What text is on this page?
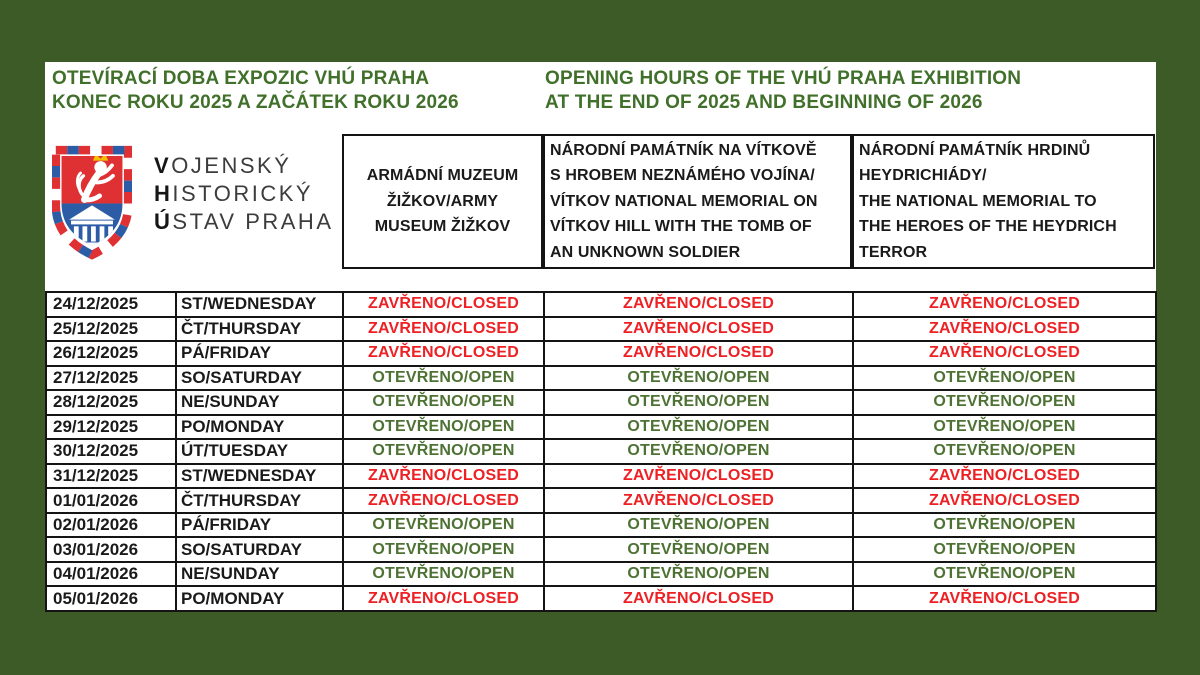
OTEVÍRACÍ DOBA EXPOZIC VHÚ PRAHA
KONEC ROKU 2025 A ZAČÁTEK ROKU 2026
OPENING HOURS OF THE VHÚ PRAHA EXHIBITION
AT THE END OF 2025 AND BEGINNING OF 2026
VOJENSKÝ
HISTORICKÝ
ÚSTAV PRAHA
ARMÁDNÍ MUZEUM
ŽIŽKOV/ARMY
MUSEUM ŽIŽKOV
NÁRODNÍ PAMÁTNÍK NA VÍTKOVĚ
S HROBEM NEZNÁMÉHO VOJÍNA/
VÍTKOV NATIONAL MEMORIAL ON
VÍTKOV HILL WITH THE TOMB OF
AN UNKNOWN SOLDIER
NÁRODNÍ PAMÁTNÍK HRDINŮ
HEYDRICHIÁDY/
THE NATIONAL MEMORIAL TO
THE HEROES OF THE HEYDRICH
TERROR
24/12/2025	ST/WEDNESDAY	ZAVŘENO/CLOSED	ZAVŘENO/CLOSED	ZAVŘENO/CLOSED
25/12/2025	ČT/THURSDAY	ZAVŘENO/CLOSED	ZAVŘENO/CLOSED	ZAVŘENO/CLOSED
26/12/2025	PÁ/FRIDAY	ZAVŘENO/CLOSED	ZAVŘENO/CLOSED	ZAVŘENO/CLOSED
27/12/2025	SO/SATURDAY	OTEVŘENO/OPEN	OTEVŘENO/OPEN	OTEVŘENO/OPEN
28/12/2025	NE/SUNDAY	OTEVŘENO/OPEN	OTEVŘENO/OPEN	OTEVŘENO/OPEN
29/12/2025	PO/MONDAY	OTEVŘENO/OPEN	OTEVŘENO/OPEN	OTEVŘENO/OPEN
30/12/2025	ÚT/TUESDAY	OTEVŘENO/OPEN	OTEVŘENO/OPEN	OTEVŘENO/OPEN
31/12/2025	ST/WEDNESDAY	ZAVŘENO/CLOSED	ZAVŘENO/CLOSED	ZAVŘENO/CLOSED
01/01/2026	ČT/THURSDAY	ZAVŘENO/CLOSED	ZAVŘENO/CLOSED	ZAVŘENO/CLOSED
02/01/2026	PÁ/FRIDAY	OTEVŘENO/OPEN	OTEVŘENO/OPEN	OTEVŘENO/OPEN
03/01/2026	SO/SATURDAY	OTEVŘENO/OPEN	OTEVŘENO/OPEN	OTEVŘENO/OPEN
04/01/2026	NE/SUNDAY	OTEVŘENO/OPEN	OTEVŘENO/OPEN	OTEVŘENO/OPEN
05/01/2026	PO/MONDAY	ZAVŘENO/CLOSED	ZAVŘENO/CLOSED	ZAVŘENO/CLOSED
